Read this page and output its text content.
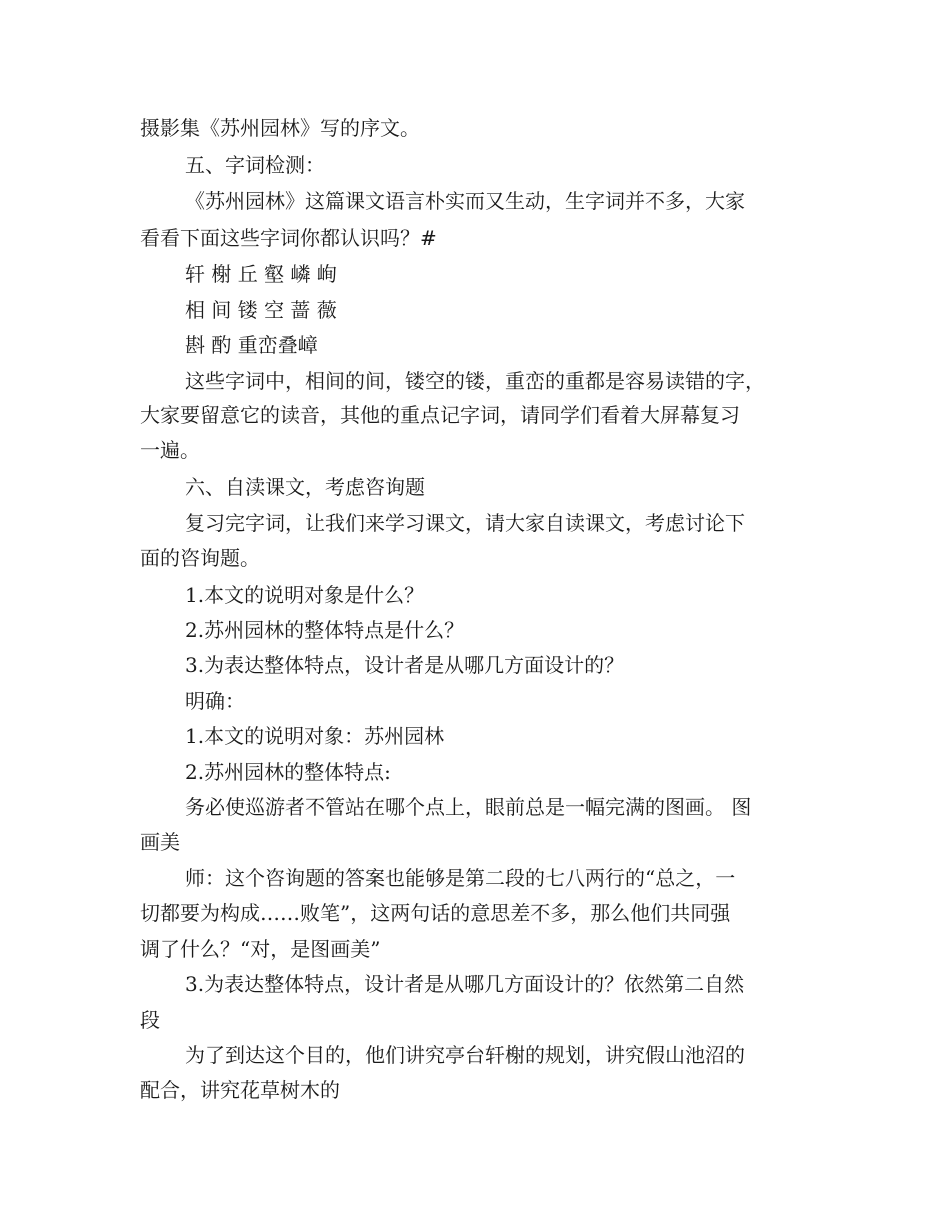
摄影集《苏州园林》写的序文。
五、字词检测：
《苏州园林》这篇课文语言朴实而又生动，生字词并不多，大家
看看下面这些字词你都认识吗？#
轩 榭 丘 壑 嶙 峋
相 间 镂 空 蔷 薇
斟 酌 重峦叠嶂
这些字词中，相间的间，镂空的镂，重峦的重都是容易读错的字，
大家要留意它的读音，其他的重点记字词，请同学们看着大屏幕复习
一遍。
六、自渎课文，考虑咨询题
复习完字词，让我们来学习课文，请大家自读课文，考虑讨论下
面的咨询题。
1.本文的说明对象是什么？
2.苏州园林的整体特点是什么？
3.为表达整体特点，设计者是从哪几方面设计的？
明确：
1.本文的说明对象：苏州园林
2.苏州园林的整体特点:
务必使巡游者不管站在哪个点上，眼前总是一幅完满的图画。 图
画美
师：这个咨询题的答案也能够是第二段的七八两行的“总之，一
切都要为构成……败笔”，这两句话的意思差不多，那么他们共同强
调了什么？“对，是图画美”
3.为表达整体特点，设计者是从哪几方面设计的？依然第二自然
段
为了到达这个目的，他们讲究亭台轩榭的规划，讲究假山池沼的
配合，讲究花草树木的
